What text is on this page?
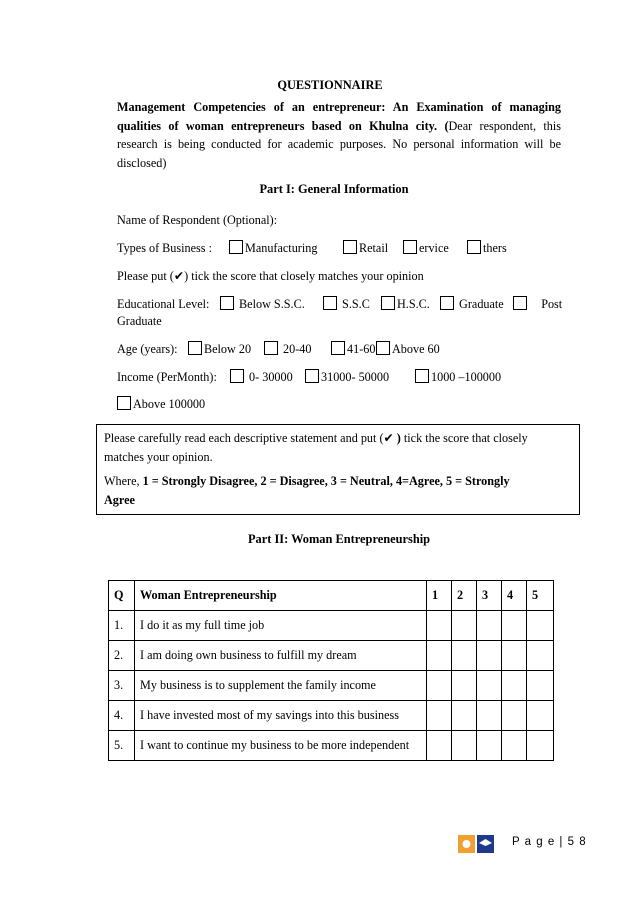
QUESTIONNAIRE
Management Competencies of an entrepreneur: An Examination of managing qualities of woman entrepreneurs based on Khulna city. (Dear respondent, this research is being conducted for academic purposes. No personal information will be disclosed)
Part I: General Information
Name of Respondent (Optional):
Types of Business :	Manufacturing	Retail	ervice	thers
Please put (✔) tick the score that closely matches your opinion
Educational Level:	Below S.S.C.	S.S.C	H.S.C.	Graduate	Post
Graduate
Age (years):	Below 20	20-40	41-60	Above 60
Income (PerMonth):	0- 30000	31000- 50000	1000 –100000
Above 100000
Please carefully read each descriptive statement and put (✔ ) tick the score that closely
matches your opinion.
Where, 1 = Strongly Disagree, 2 = Disagree, 3 = Neutral, 4=Agree, 5 = Strongly
Agree
Part II: Woman Entrepreneurship
Q	Woman Entrepreneurship	1	2	3	4	5
1.	I do it as my full time job					
2.	I am doing own business to fulfill my dream					
3.	My business is to supplement the family income					
4.	I have invested most of my savings into this business					
5.	I want to continue my business to be more independent					
P a g e | 5 8
